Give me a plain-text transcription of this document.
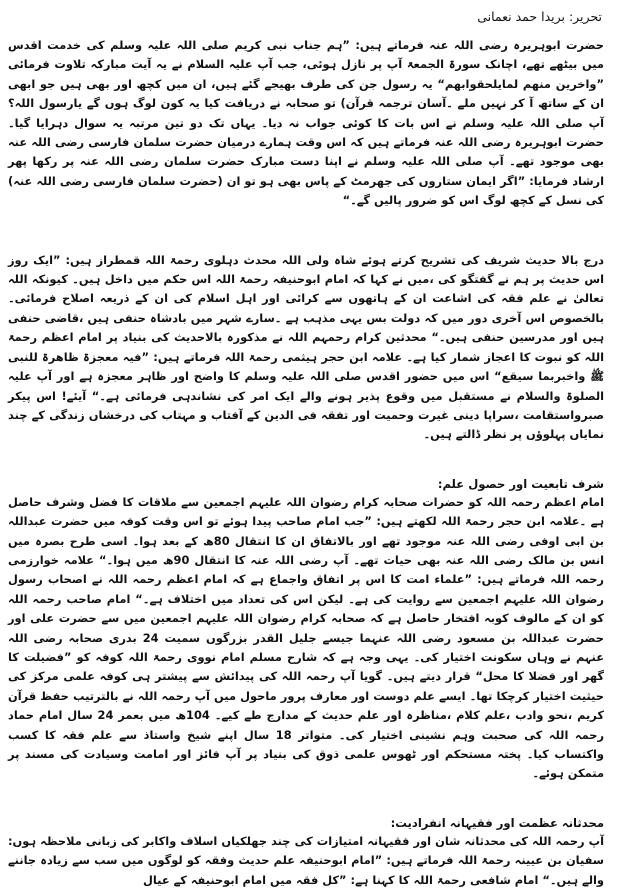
تحریر: بریدا حمد نعمانی

حضرت ابوہریرہ رضی اللہ عنہ فرماتے ہیں: ”ہم جناب نبی کریم صلی اللہ علیہ وسلم کی خدمت اقدس میں بیٹھے تھے، اچانک سورۃ الجمعۃ آپ پر نازل ہوئی، جب آپ علیہ السلام نے یہ آیت مبارکہ تلاوت فرمائی ”واخرین منھم لمایلحقوابھم“ یہ رسول جن کی طرف بھیجے گئے ہیں، ان میں کچھ اور بھی ہیں جو ابھی ان کے ساتھ آ کر نہیں ملے ۔آسان ترجمہ قرآن) تو صحابہ نے دریافت کیا یہ کون لوگ ہوں گے یارسول اللہ؟ آپ صلی اللہ علیہ وسلم نے اس بات کا کوئی جواب نہ دیا۔ یہاں تک دو تین مرتبہ یہ سوال دہرایا گیا۔ حضرت ابوہریرہ رضی اللہ عنہ فرماتے ہیں کہ اس وقت ہمارے درمیان حضرت سلمان فارسی رضی اللہ عنہ بھی موجود تھے۔ آپ صلی اللہ علیہ وسلم نے اپنا دست مبارک حضرت سلمان رضی اللہ عنہ پر رکھا پھر ارشاد فرمایا: ”اگر ایمان ستاروں کی جھرمٹ کے پاس بھی ہو تو ان (حضرت سلمان فارسی رضی اللہ عنہ) کی نسل کے کچھ لوگ اس کو ضرور پالیں گے۔“

درج بالا حدیث شریف کی تشریح کرتے ہوئے شاہ ولی اللہ محدث دہلوی رحمۃ اللہ قمطراز ہیں: ”ایک روز اس حدیث پر ہم نے گفتگو کی ،میں نے کہا کہ امام ابوحنیفہ رحمۃ اللہ اس حکم میں داخل ہیں۔ کیونکہ اللہ تعالیٰ نے علم فقہ کی اشاعت ان کے ہاتھوں سے کرائی اور اہل اسلام کی ان کے ذریعہ اصلاح فرمائی۔ بالخصوص اس آخری دور میں کہ دولت بس یہی مذہب ہے ۔سارے شہر میں بادشاہ حنفی ہیں ،قاضی حنفی ہیں اور مدرسین حنفی ہیں۔“ محدثین کرام رحمہم اللہ نے مذکورہ بالاحدیث کی بنیاد پر امام اعظم رحمۃ اللہ کو نبوت کا اعجاز شمار کیا ہے۔ علامہ ابن حجر ہیثمی رحمۃ اللہ فرماتے ہیں: ”فیہ معجزۃ ظاھرۃ للنبی ﷺ واخبربما سیقع“ اس میں حضور اقدس صلی اللہ علیہ وسلم کا واضح اور ظاہر معجزہ ہے اور آپ علیہ الصلوۃ والسلام نے مستقبل میں وقوع پذیر ہونے والے ایک امر کی نشاندہی فرمائی ہے۔“ آیئے! اس پیکر صبرواستقامت ،سراپا دینی غیرت وحمیت اور تفقہ فی الدین کے آفتاب و مہتاب کی درخشاں زندگی کے چند نمایاں پہلوؤں پر نظر ڈالتے ہیں۔

شرف تابعیت اور حصول علم:

امام اعظم رحمہ اللہ کو حضرات صحابہ کرام رضوان اللہ علیہم اجمعین سے ملاقات کا فضل وشرف حاصل ہے ۔علامہ ابن حجر رحمۃ اللہ لکھتے ہیں: ”جب امام صاحب پیدا ہوئے تو اس وقت کوفہ میں حضرت عبداللہ بن ابی اوفی رضی اللہ عنہ موجود تھے اور بالاتفاق ان کا انتقال 80ھ کے بعد ہوا۔ اسی طرح بصرہ میں انس بن مالک رضی اللہ عنہ بھی حیات تھے۔ آپ رضی اللہ عنہ کا انتقال 90ھ میں ہوا۔“ علامہ خوارزمی رحمہ اللہ فرماتے ہیں: ”علماء امت کا اس پر اتفاق واجماع ہے کہ امام اعظم رحمہ اللہ نے اصحاب رسول رضوان اللہ علیہم اجمعین سے روایت کی ہے۔ لیکن اس کی تعداد میں اختلاف ہے۔“ امام صاحب رحمہ اللہ کو ان کے مالوف کوبہ افتخار حاصل ہے کہ صحابہ کرام رضوان اللہ علیہم اجمعین میں سے حضرت علی اور حضرت عبداللہ بن مسعود رضی اللہ عنہما جیسے جلیل القدر بزرگوں سمیت 24 بدری صحابہ رضی اللہ عنہم نے وہاں سکونت اختیار کی۔ یہی وجہ ہے کہ شارح مسلم امام نووی رحمۃ اللہ کوفہ کو ”فضیلت کا گھر اور فضلا کا محل“ قرار دیتے ہیں۔ گویا آپ رحمہ اللہ کی پیدائش سے پیشتر ہی کوفہ علمی مرکز کی حیثیت اختیار کرچکا تھا۔ ایسے علم دوست اور معارف پرور ماحول میں آپ رحمہ اللہ نے بالترتیب حفظ قرآن کریم ،نحو وادب ،علم کلام ،مناظرہ اور علم حدیث کے مدارج طے کیے۔ 104ھ میں بعمر 24 سال امام حماد رحمہ اللہ کی صحبت وہم نشینی اختیار کی۔ متواتر 18 سال اپنے شیخ واستاذ سے علم فقہ کا کسب واکتساب کیا۔ پختہ مستحکم اور ٹھوس علمی ذوق کی بنیاد پر آپ فائز اور امامت وسیادت کی مسند پر متمکن ہوئے۔

محدثانہ عظمت اور فقیہانہ انفرادیت:

آپ رحمہ اللہ کی محدثانہ شان اور فقیہانہ امتیازات کی چند جھلکیاں اسلاف واکابر کی زبانی ملاحظہ ہوں: سفیان بن عیینہ رحمۃ اللہ فرماتے ہیں: ”امام ابوحنیفہ علم حدیث وفقہ کو لوگوں میں سب سے زیادہ جاننے والے ہیں۔“ امام شافعی رحمۃ اللہ کا کہنا ہے: ”کل فقہ میں امام ابوحنیفہ کے عیال
